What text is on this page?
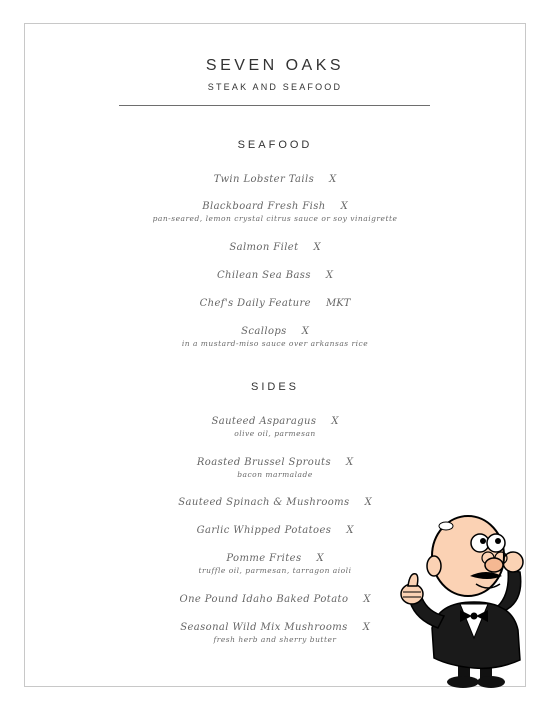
SEVEN OAKS
STEAK AND SEAFOOD
SEAFOOD
Twin Lobster Tails X
Blackboard Fresh Fish X
pan-seared, lemon crystal citrus sauce or soy vinaigrette
Salmon Filet X
Chilean Sea Bass X
Chef's Daily Feature MKT
Scallops X
in a mustard-miso sauce over arkansas rice
SIDES
Sauteed Asparagus X
olive oil, parmesan
Roasted Brussel Sprouts X
bacon marmalade
Sauteed Spinach & Mushrooms X
Garlic Whipped Potatoes X
Pomme Frites X
truffle oil, parmesan, tarragon aioli
One Pound Idaho Baked Potato X
Seasonal Wild Mix Mushrooms X
fresh herb and sherry butter
